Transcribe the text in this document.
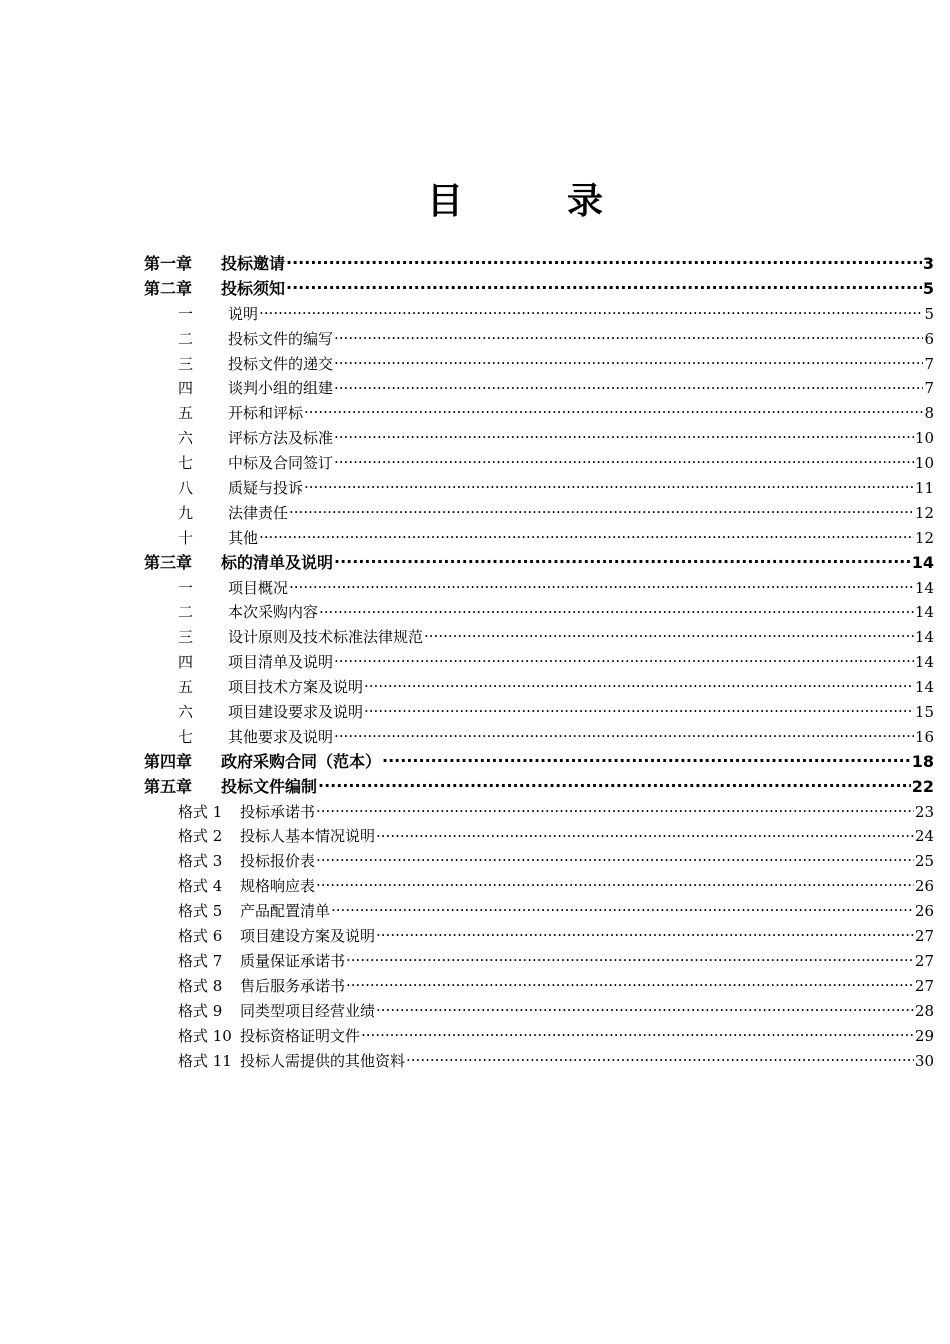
目	录
第一章	投标邀请 .....	3
第二章	投标须知 .....	5
一	说明 .....	5
二	投标文件的编写 .....	6
三	投标文件的递交 .....	7
四	谈判小组的组建 .....	7
五	开标和评标 .....	8
六	评标方法及标准 .....	10
七	中标及合同签订 .....	10
八	质疑与投诉 .....	11
九	法律责任 .....	12
十	其他 .....	12
第三章	标的清单及说明 .....	14
一	项目概况 .....	14
二	本次采购内容 .....	14
三	设计原则及技术标准法律规范 .....	14
四	项目清单及说明 .....	14
五	项目技术方案及说明 .....	14
六	项目建设要求及说明 .....	15
七	其他要求及说明 .....	16
第四章	政府采购合同（范本） .....	18
第五章	投标文件编制 .....	22
格式 1	投标承诺书 .....	23
格式 2	投标人基本情况说明 .....	24
格式 3	投标报价表 .....	25
格式 4	规格响应表 .....	26
格式 5	产品配置清单 .....	26
格式 6	项目建设方案及说明 .....	27
格式 7	质量保证承诺书 .....	27
格式 8	售后服务承诺书 .....	27
格式 9	同类型项目经营业绩 .....	28
格式 10 投标资格证明文件 .....	29
格式 11 投标人需提供的其他资料 .....	30
